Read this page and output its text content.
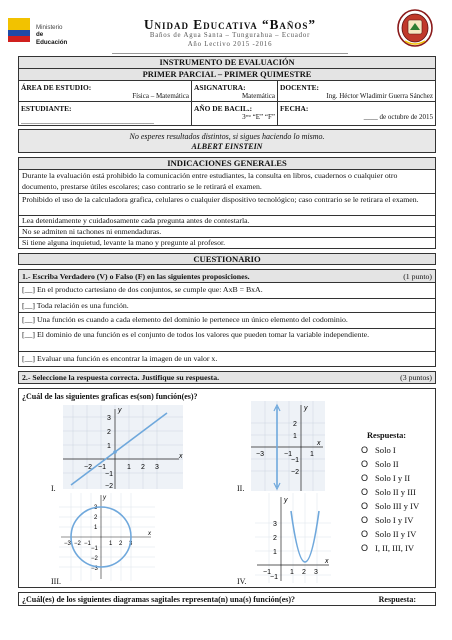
Ministerio
de Educación
Unidad Educativa “Baños”
Baños de Agua Santa – Tungurahua – Ecuador
Año Lectivo 2015 -2016
INSTRUMENTO DE EVALUACIÓN
PRIMER PARCIAL – PRIMER QUIMESTRE
ÁREA DE ESTUDIO:
Física – Matemática
ASIGNATURA:
Matemática
DOCENTE:
Ing. Héctor Wladimir Guerra Sánchez
ESTUDIANTE:
______________________________________
AÑO DE BACIL.:
3ᵉʳᵒ “E” “F”
FECHA:
____ de octubre de 2015
No esperes resultados distintos, si sigues haciendo lo mismo.
ALBERT EINSTEIN
INDICACIONES GENERALES
Durante la evaluación está prohibido la comunicación entre estudiantes, la consulta en libros, cuadernos o cualquier otro documento, prestarse útiles escolares; caso contrario se le retirará el examen.
Prohibido el uso de la calculadora grafica, celulares o cualquier dispositivo tecnológico; caso contrario se le retirara el examen.
Lea detenidamente y cuidadosamente cada pregunta antes de contestarla.
No se admiten ni tachones ni enmendaduras.
Si tiene alguna inquietud, levante la mano y pregunte al profesor.
CUESTIONARIO
1.- Escriba Verdadero (V) o Falso (F) en las siguientes proposiciones.	(1 punto)
[__] En el producto cartesiano de dos conjuntos, se cumple que: AxB = BxA.
[__] Toda relación es una función.
[__] Una función es cuando a cada elemento del dominio le pertenece un único elemento del codominio.
[__] El dominio de una función es el conjunto de todos los valores que pueden tomar la variable independiente.
[__] Evaluar una función es encontrar la imagen de un valor x.
2.- Seleccione la respuesta correcta. Justifique su respuesta.	(3 puntos)
¿Cuál de las siguientes graficas es(son) función(es)?
x
y
−2 −1	1 2 3
3
2
1
−1
−2
I.
x
y
−3	−1	1
2
1
−1
−2
II.
x
y
−3 −2 −1	1 2 3
3
2
1
−1
−2
−3
III.
x
y
−1	1 2 3
3
2
1
−1
IV.
Respuesta:
O Solo I
O Solo II
O Solo I y II
O Solo II y III
O Solo III y IV
O Solo I y IV
O Solo II y IV
O I, II, III, IV
¿Cuál(es) de los siguientes diagramas sagitales representa(n) una(s) función(es)?	Respuesta:
